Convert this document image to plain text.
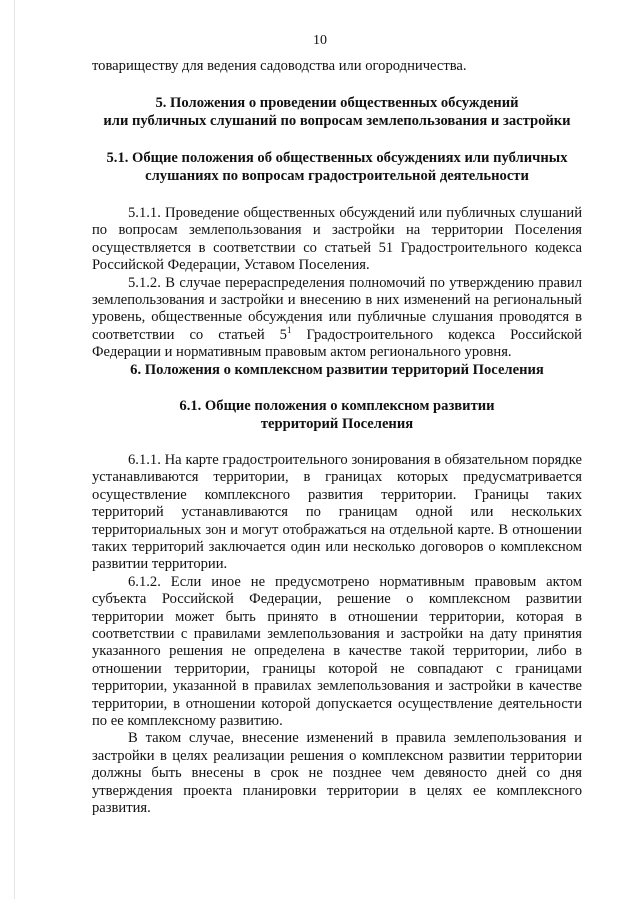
10

товариществу для ведения садоводства или огородничества.

5. Положения о проведении общественных обсуждений
или публичных слушаний по вопросам землепользования и застройки
5.1. Общие положения об общественных обсуждениях или публичных
слушаниях по вопросам градостроительной деятельности

5.1.1. Проведение общественных обсуждений или публичных слушаний по вопросам землепользования и застройки на территории Поселения осуществляется в соответствии со статьей 51 Градостроительного кодекса Российской Федерации, Уставом Поселения.

5.1.2. В случае перераспределения полномочий по утверждению правил землепользования и застройки и внесению в них изменений на региональный уровень, общественные обсуждения или публичные слушания проводятся в соответствии со статьей $5^1$ Градостроительного кодекса Российской Федерации и нормативным правовым актом регионального уровня.

6. Положения о комплексном развитии территорий Поселения
6.1. Общие положения о комплексном развитии
территорий Поселения

6.1.1. На карте градостроительного зонирования в обязательном порядке устанавливаются территории, в границах которых предусматривается осуществление комплексного развития территории. Границы таких территорий устанавливаются по границам одной или нескольких территориальных зон и могут отображаться на отдельной карте. В отношении таких территорий заключается один или несколько договоров о комплексном развитии территории.

6.1.2. Если иное не предусмотрено нормативным правовым актом субъекта Российской Федерации, решение о комплексном развитии территории может быть принято в отношении территории, которая в соответствии с правилами землепользования и застройки на дату принятия указанного решения не определена в качестве такой территории, либо в отношении территории, границы которой не совпадают с границами территории, указанной в правилах землепользования и застройки в качестве территории, в отношении которой допускается осуществление деятельности по ее комплексному развитию.

В таком случае, внесение изменений в правила землепользования и застройки в целях реализации решения о комплексном развитии территории должны быть внесены в срок не позднее чем девяносто дней со дня утверждения проекта планировки территории в целях ее комплексного развития.
